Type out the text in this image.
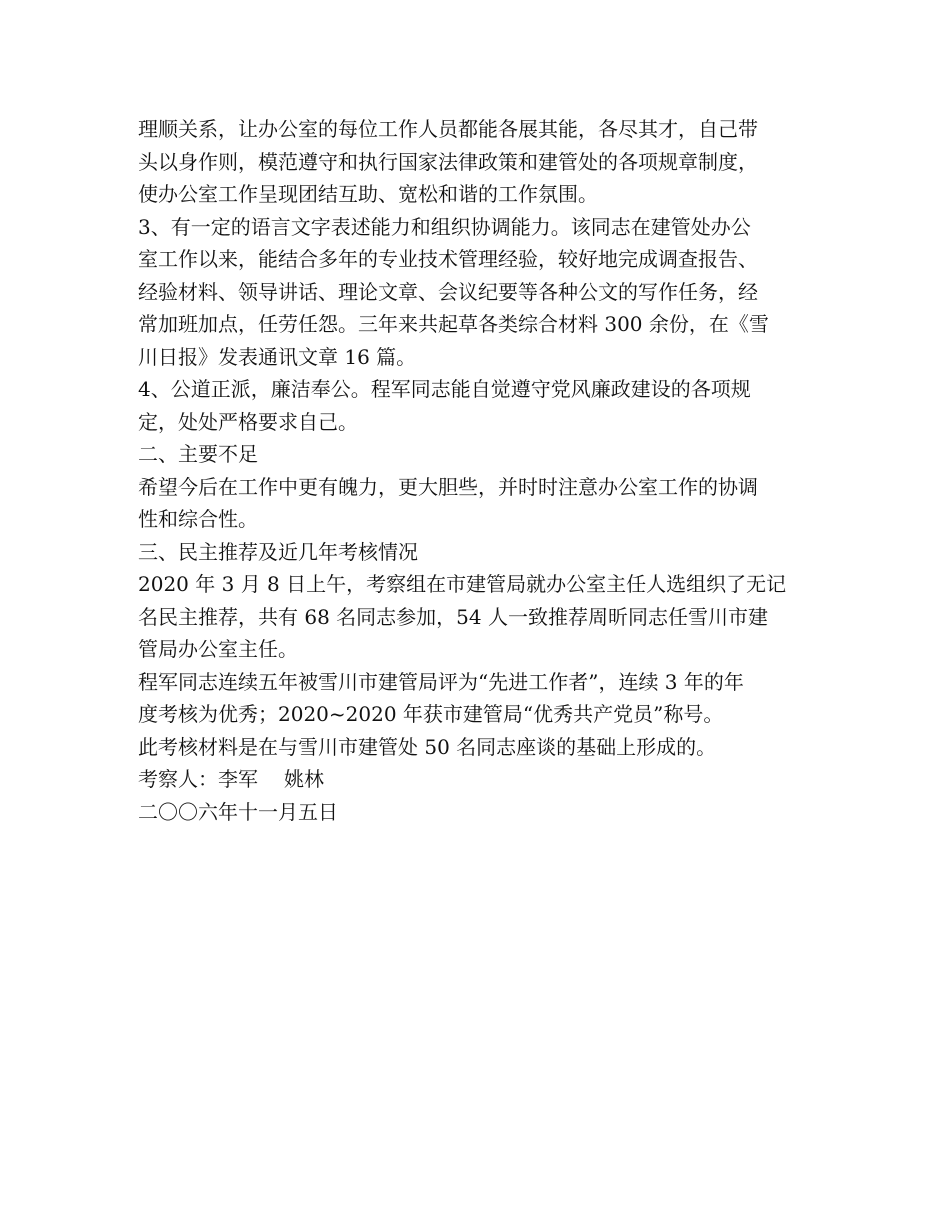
理顺关系，让办公室的每位工作人员都能各展其能，各尽其才，自己带
头以身作则，模范遵守和执行国家法律政策和建管处的各项规章制度，
使办公室工作呈现团结互助、宽松和谐的工作氛围。
3、有一定的语言文字表述能力和组织协调能力。该同志在建管处办公
室工作以来，能结合多年的专业技术管理经验，较好地完成调查报告、
经验材料、领导讲话、理论文章、会议纪要等各种公文的写作任务，经
常加班加点，任劳任怨。三年来共起草各类综合材料 300 余份，在《雪
川日报》发表通讯文章 16 篇。
4、公道正派，廉洁奉公。程军同志能自觉遵守党风廉政建设的各项规
定，处处严格要求自己。
二、主要不足
希望今后在工作中更有魄力，更大胆些，并时时注意办公室工作的协调
性和综合性。
三、民主推荐及近几年考核情况
2020 年 3 月 8 日上午，考察组在市建管局就办公室主任人选组织了无记
名民主推荐，共有 68 名同志参加，54 人一致推荐周昕同志任雪川市建
管局办公室主任。
程军同志连续五年被雪川市建管局评为“先进工作者”，连续 3 年的年
度考核为优秀；2020~2020 年获市建管局“优秀共产党员”称号。
此考核材料是在与雪川市建管处 50 名同志座谈的基础上形成的。
考察人：李军 姚林
二〇〇六年十一月五日
